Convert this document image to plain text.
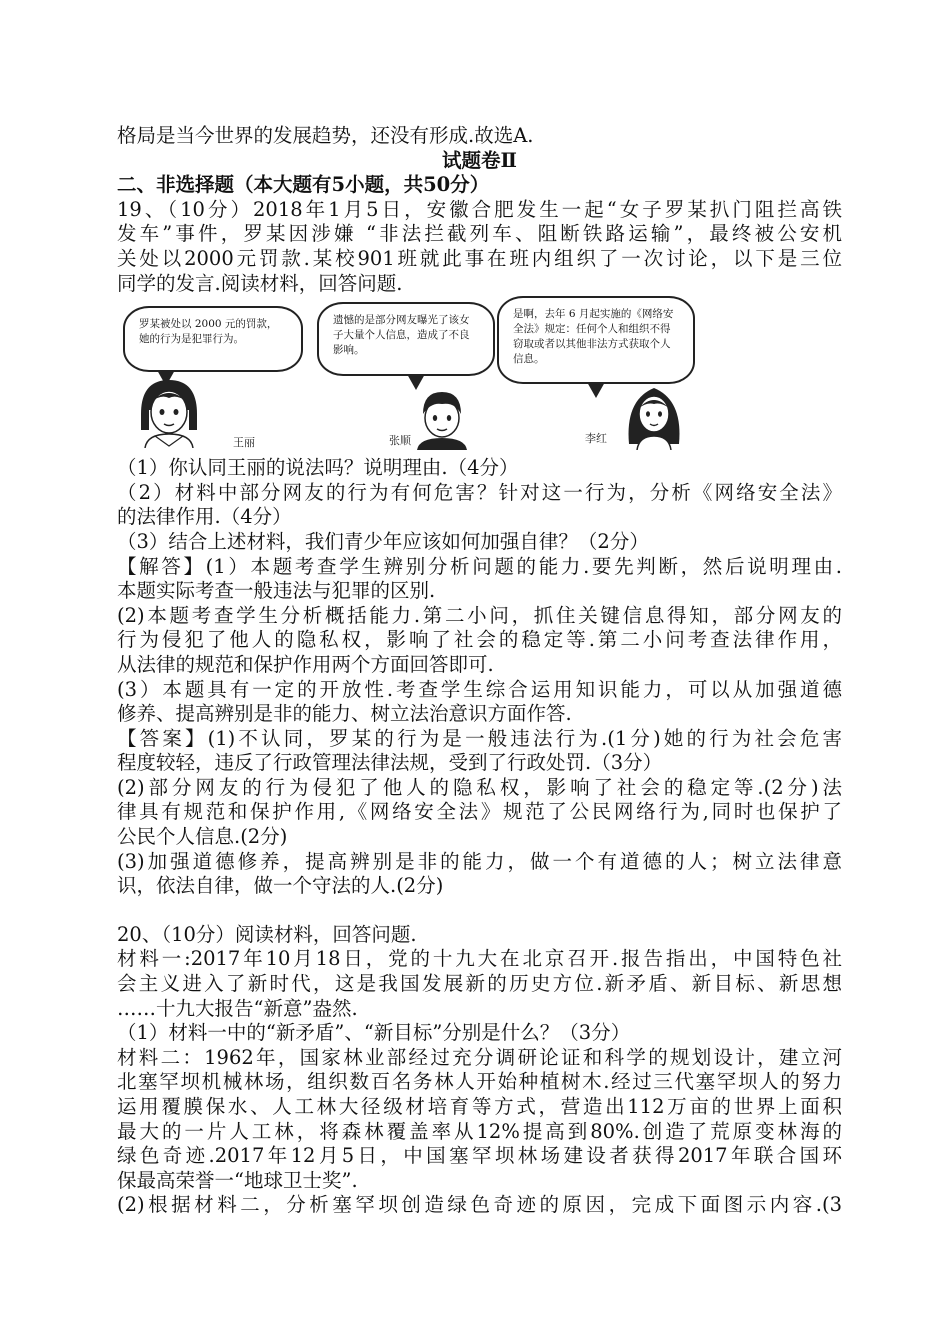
格局是当今世界的发展趋势，还没有形成.故选A.

试题卷Ⅱ

二、非选择题（本大题有5小题，共50分）

19、（10分）2018年1月5日，安徽合肥发生一起“女子罗某扒门阻拦高铁

发车”事件，罗某因涉嫌 “非法拦截列车、阻断铁路运输”，最终被公安机

关处以2000元罚款.某校901班就此事在班内组织了一次讨论，以下是三位

同学的发言.阅读材料，回答问题.

罗某被处以 2000 元的罚款，她的行为是犯罪行为。
遗憾的是部分网友曝光了该女子大量个人信息，造成了不良影响。
是啊，去年 6 月起实施的《网络安全法》规定：任何个人和组织不得窃取或者以其他非法方式获取个人信息。
王丽	张顺	李红

（1）你认同王丽的说法吗？说明理由.（4分）

（2）材料中部分网友的行为有何危害？针对这一行为，分析《网络安全法》

的法律作用.（4分）

（3）结合上述材料，我们青少年应该如何加强自律？（2分）

【解答】(1）本题考查学生辨别分析问题的能力.要先判断，然后说明理由.

本题实际考查一般违法与犯罪的区别.

(2)本题考查学生分析概括能力.第二小问，抓住关键信息得知，部分网友的

行为侵犯了他人的隐私权，影响了社会的稳定等.第二小问考查法律作用，

从法律的规范和保护作用两个方面回答即可.

(3）本题具有一定的开放性.考查学生综合运用知识能力，可以从加强道德

修养、提高辨别是非的能力、树立法治意识方面作答.

【答案】(1)不认同，罗某的行为是一般违法行为.(1分)她的行为社会危害

程度较轻，违反了行政管理法律法规，受到了行政处罚.（3分）

(2)部分网友的行为侵犯了他人的隐私权，影响了社会的稳定等.(2分)法

律具有规范和保护作用,《网络安全法》规范了公民网络行为,同时也保护了

公民个人信息.(2分)

(3)加强道德修养，提高辨别是非的能力，做一个有道德的人；树立法律意

识，依法自律，做一个守法的人.(2分)

20、（10分）阅读材料，回答问题.

材料一:2017年10月18日，党的十九大在北京召开.报告指出，中国特色社

会主义进入了新时代，这是我国发展新的历史方位.新矛盾、新目标、新思想

……十九大报告“新意”盎然.

（1）材料一中的“新矛盾”、“新目标”分别是什么？（3分）

材料二：1962年，国家林业部经过充分调研论证和科学的规划设计，建立河

北塞罕坝机械林场，组织数百名务林人开始种植树木.经过三代塞罕坝人的努力

运用覆膜保水、人工林大径级材培育等方式，营造出112万亩的世界上面积

最大的一片人工林，将森林覆盖率从12%提高到80%.创造了荒原变林海的

绿色奇迹.2017年12月5日，中国塞罕坝林场建设者获得2017年联合国环

保最高荣誉一“地球卫士奖”.

(2)根据材料二，分析塞罕坝创造绿色奇迹的原因，完成下面图示内容.(3
